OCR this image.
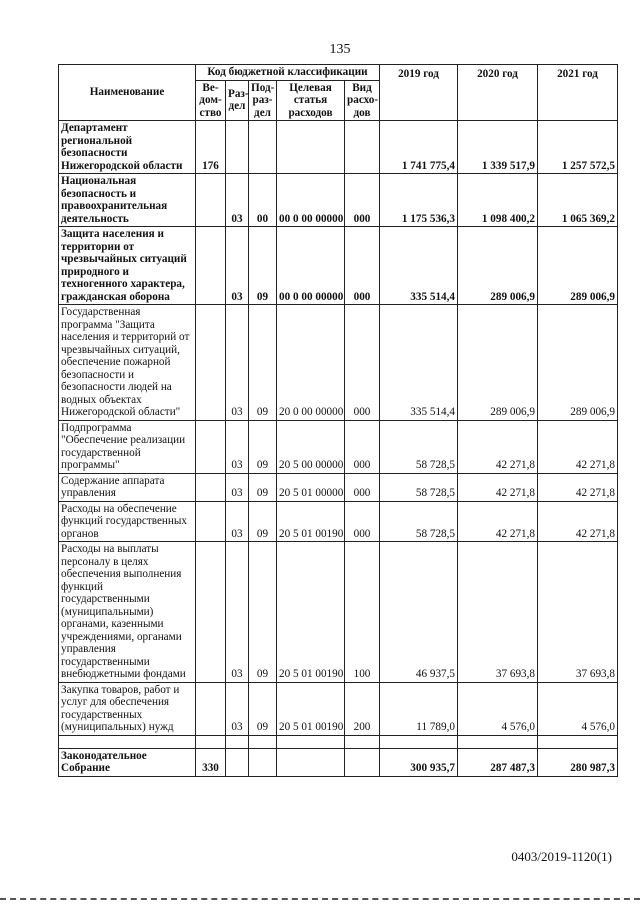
135
Наименование	Код бюджетной классификации					2019 год	2020 год	2021 год
	Ве-дом-ство	Раз-дел	Под-раз-дел	Целевая статья расходов	Вид расхо-дов			
Департамент региональной безопасности Нижегородской области	176					1 741 775,4	1 339 517,9	1 257 572,5
Национальная безопасность и правоохранительная деятельность		03	00	00 0 00 00000	000	1 175 536,3	1 098 400,2	1 065 369,2
Защита населения и территории от чрезвычайных ситуаций природного и техногенного характера, гражданская оборона		03	09	00 0 00 00000	000	335 514,4	289 006,9	289 006,9
Государственная программа "Защита населения и территорий от чрезвычайных ситуаций, обеспечение пожарной безопасности и безопасности людей на водных объектах Нижегородской области"		03	09	20 0 00 00000	000	335 514,4	289 006,9	289 006,9
Подпрограмма "Обеспечение реализации государственной программы"		03	09	20 5 00 00000	000	58 728,5	42 271,8	42 271,8
Содержание аппарата управления		03	09	20 5 01 00000	000	58 728,5	42 271,8	42 271,8
Расходы на обеспечение функций государственных органов		03	09	20 5 01 00190	000	58 728,5	42 271,8	42 271,8
Расходы на выплаты персоналу в целях обеспечения выполнения функций государственными (муниципальными) органами, казенными учреждениями, органами управления государственными внебюджетными фондами		03	09	20 5 01 00190	100	46 937,5	37 693,8	37 693,8
Закупка товаров, работ и услуг для обеспечения государственных (муниципальных) нужд		03	09	20 5 01 00190	200	11 789,0	4 576,0	4 576,0

Законодательное Собрание	330					300 935,7	287 487,3	280 987,3
0403/2019-1120(1)
